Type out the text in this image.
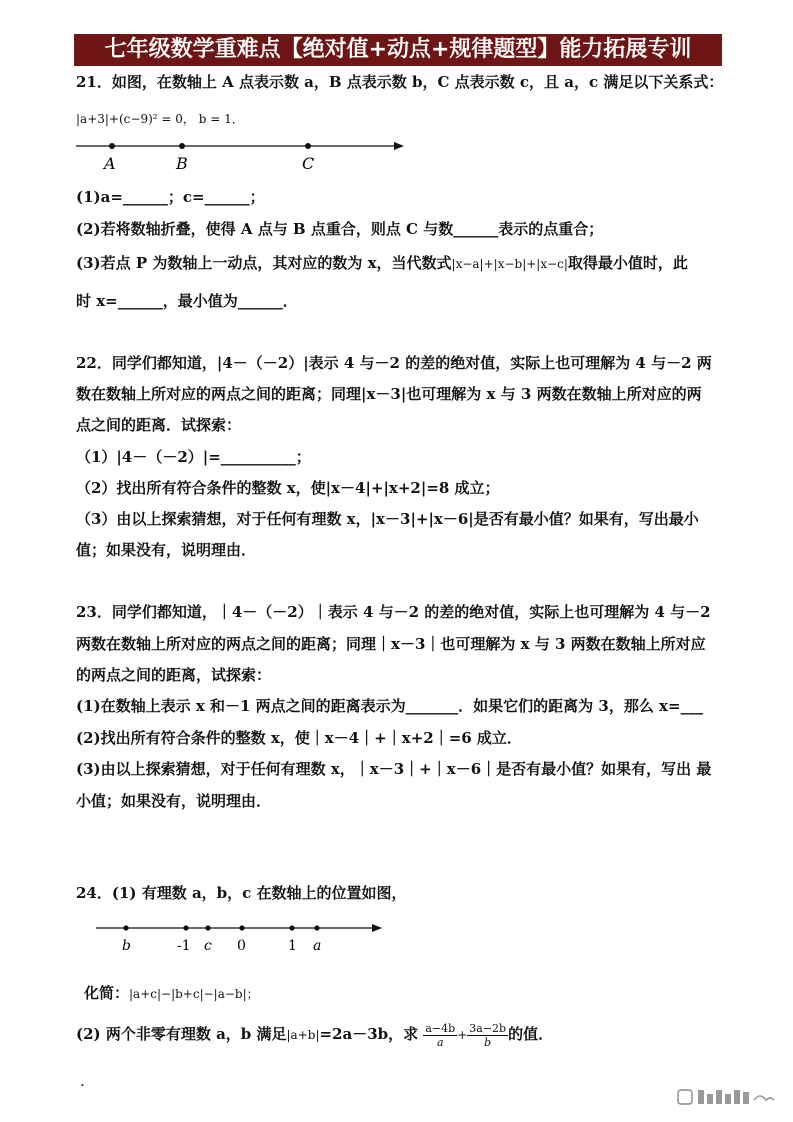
七年级数学重难点【绝对值+动点+规律题型】能力拓展专训
21．如图，在数轴上 A 点表示数 a，B 点表示数 b，C 点表示数 c，且 a，c 满足以下关系式：
|a+3|+(c−9)² = 0， b = 1．
A	B	C
(1)a=______；c=______；
(2)若将数轴折叠，使得 A 点与 B 点重合，则点 C 与数______表示的点重合；
(3)若点 P 为数轴上一动点，其对应的数为 x，当代数式|x−a|+|x−b|+|x−c|取得最小值时，此
时 x=______，最小值为______．
22．同学们都知道，|4－（－2）|表示 4 与－2 的差的绝对值，实际上也可理解为 4 与－2 两
数在数轴上所对应的两点之间的距离；同理|x－3|也可理解为 x 与 3 两数在数轴上所对应的两
点之间的距离．试探索：
（1）|4－（－2）|=__________；
（2）找出所有符合条件的整数 x，使|x－4|+|x+2|=8 成立；
（3）由以上探索猜想，对于任何有理数 x，|x－3|+|x－6|是否有最小值？如果有，写出最小
值；如果没有，说明理由．
23．同学们都知道，｜4－（－2）｜表示 4 与－2 的差的绝对值，实际上也可理解为 4 与－2
两数在数轴上所对应的两点之间的距离；同理｜x－3｜也可理解为 x 与 3 两数在数轴上所对应
的两点之间的距离，试探索：
(1)在数轴上表示 x 和－1 两点之间的距离表示为_______．如果它们的距离为 3，那么 x=___
(2)找出所有符合条件的整数 x，使｜x－4｜+｜x+2｜=6 成立．
(3)由以上探索猜想，对于任何有理数 x，｜x－3｜+｜x－6｜是否有最小值？如果有，写出 最
小值；如果没有，说明理由．
24．(1) 有理数 a，b，c 在数轴上的位置如图，
b	-1 c 0	1 a
化简：|a+c|−|b+c|−|a−b|；
(2) 两个非零有理数 a，b 满足|a+b|=2a－3b，求 $\frac{a-4b}{a} + \frac{3a-2b}{b}$ 的值．
.
